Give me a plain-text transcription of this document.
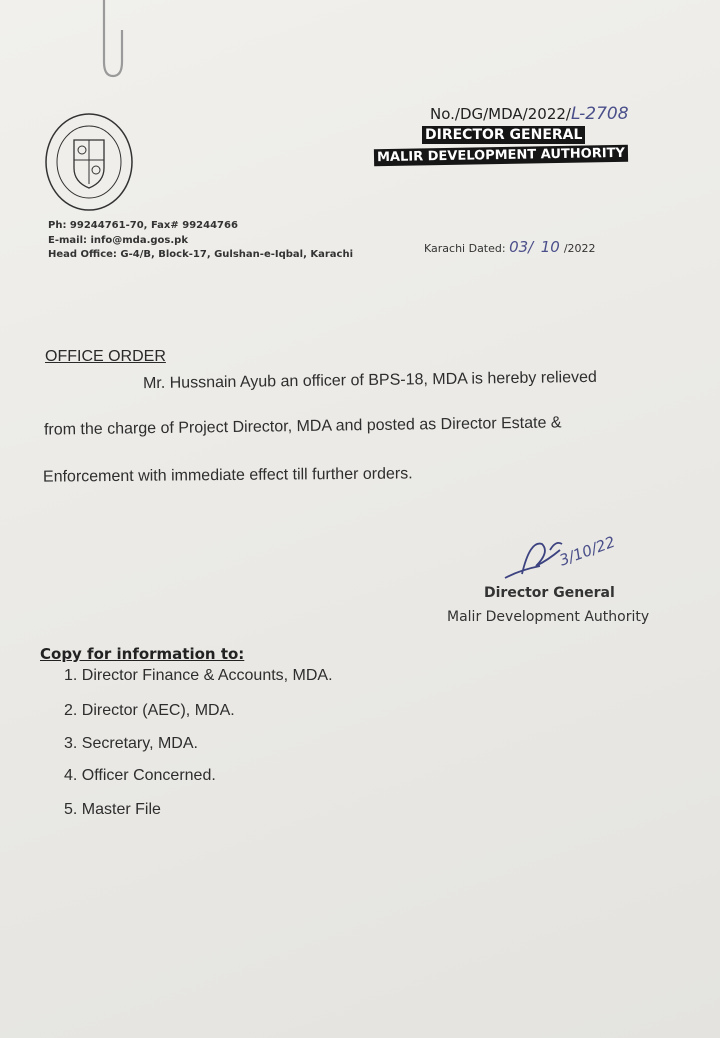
Ph: 99244761-70, Fax# 99244766
E-mail: info@mda.gos.pk
Head Office: G-4/B, Block-17, Gulshan-e-Iqbal, Karachi
No./DG/MDA/2022/L-2708
DIRECTOR GENERAL
MALIR DEVELOPMENT AUTHORITY
Karachi Dated: 03/ 10 /2022
OFFICE ORDER
Mr. Hussnain Ayub an officer of BPS-18, MDA is hereby relieved
from the charge of Project Director, MDA and posted as Director Estate &
Enforcement with immediate effect till further orders.
3/10/22
Director General
Malir Development Authority
Copy for information to:
1. Director Finance & Accounts, MDA.
2. Director (AEC), MDA.
3. Secretary, MDA.
4. Officer Concerned.
5. Master File
